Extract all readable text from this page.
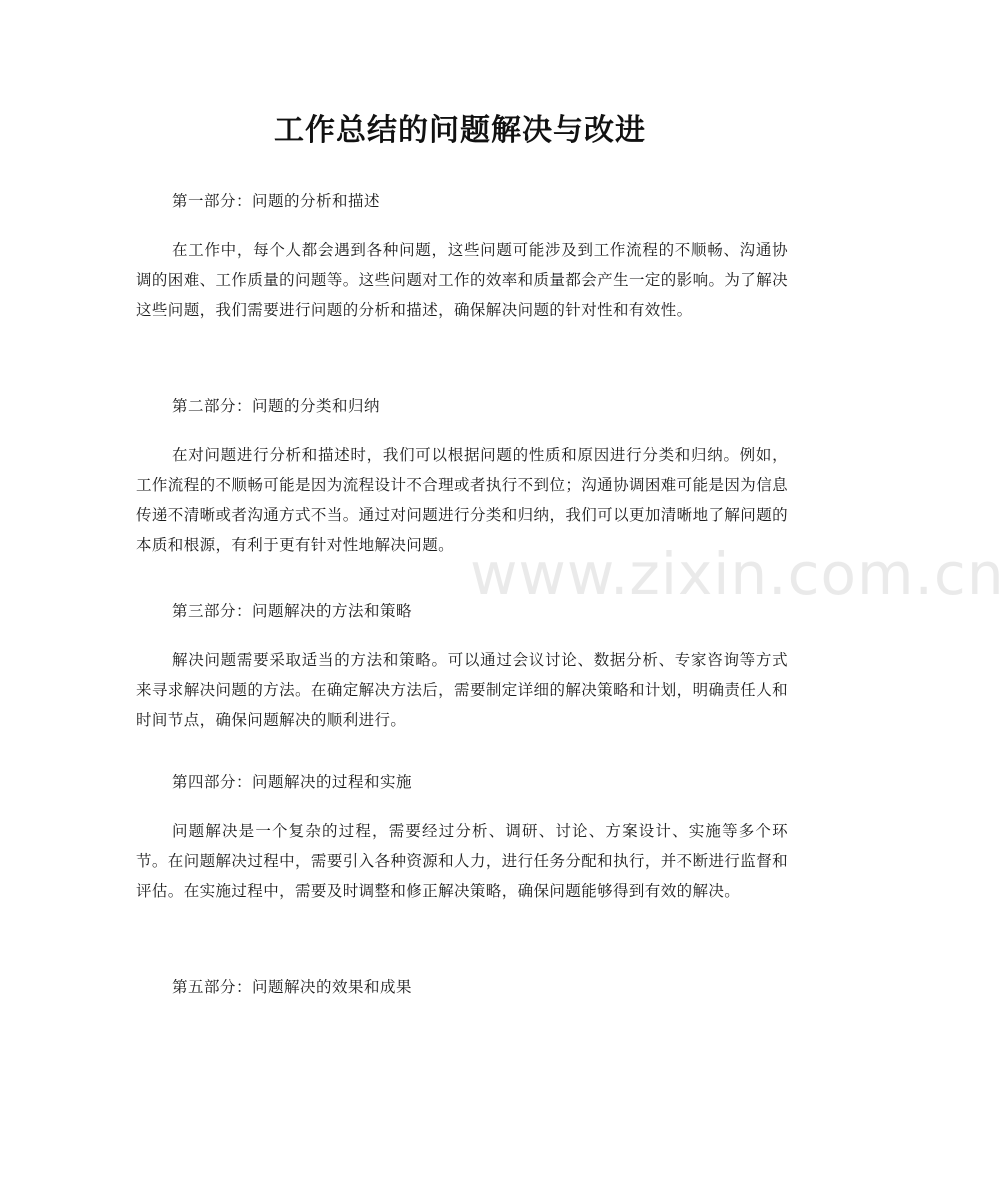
工作总结的问题解决与改进

第一部分：问题的分析和描述

在工作中，每个人都会遇到各种问题，这些问题可能涉及到工作流程的不顺畅、沟通协调的困难、工作质量的问题等。这些问题对工作的效率和质量都会产生一定的影响。为了解决这些问题，我们需要进行问题的分析和描述，确保解决问题的针对性和有效性。

第二部分：问题的分类和归纳

在对问题进行分析和描述时，我们可以根据问题的性质和原因进行分类和归纳。例如，工作流程的不顺畅可能是因为流程设计不合理或者执行不到位；沟通协调困难可能是因为信息传递不清晰或者沟通方式不当。通过对问题进行分类和归纳，我们可以更加清晰地了解问题的本质和根源，有利于更有针对性地解决问题。

第三部分：问题解决的方法和策略

解决问题需要采取适当的方法和策略。可以通过会议讨论、数据分析、专家咨询等方式来寻求解决问题的方法。在确定解决方法后，需要制定详细的解决策略和计划，明确责任人和时间节点，确保问题解决的顺利进行。

第四部分：问题解决的过程和实施

问题解决是一个复杂的过程，需要经过分析、调研、讨论、方案设计、实施等多个环节。在问题解决过程中，需要引入各种资源和人力，进行任务分配和执行，并不断进行监督和评估。在实施过程中，需要及时调整和修正解决策略，确保问题能够得到有效的解决。

第五部分：问题解决的效果和成果

www.zixin.com.cn
